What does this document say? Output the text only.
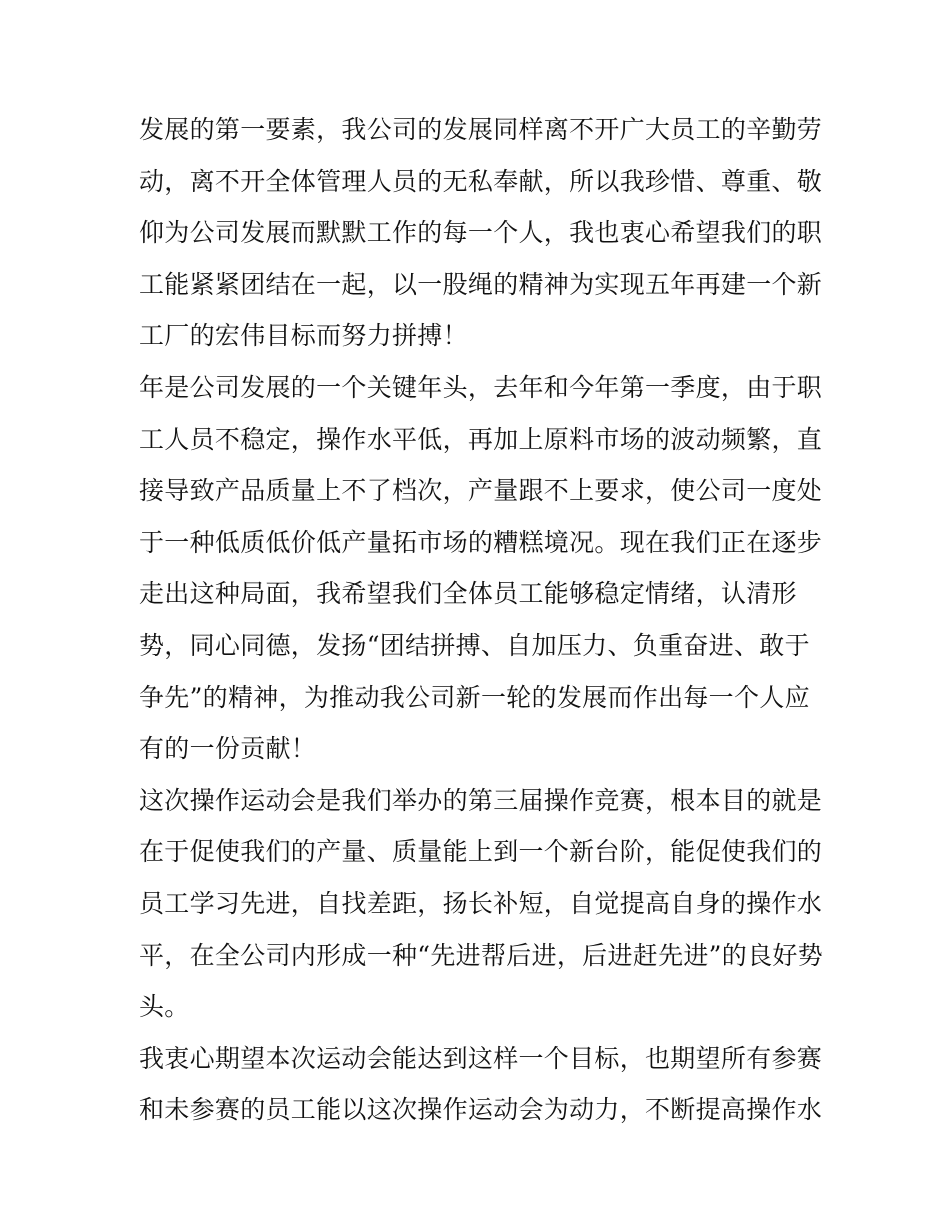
发展的第一要素，我公司的发展同样离不开广大员工的辛勤劳
动，离不开全体管理人员的无私奉献，所以我珍惜、尊重、敬
仰为公司发展而默默工作的每一个人，我也衷心希望我们的职
工能紧紧团结在一起，以一股绳的精神为实现五年再建一个新
工厂的宏伟目标而努力拼搏！
年是公司发展的一个关键年头，去年和今年第一季度，由于职
工人员不稳定，操作水平低，再加上原料市场的波动频繁，直
接导致产品质量上不了档次，产量跟不上要求，使公司一度处
于一种低质低价低产量拓市场的糟糕境况。现在我们正在逐步
走出这种局面，我希望我们全体员工能够稳定情绪，认清形
势，同心同德，发扬“团结拼搏、自加压力、负重奋进、敢于
争先”的精神，为推动我公司新一轮的发展而作出每一个人应
有的一份贡献！
这次操作运动会是我们举办的第三届操作竞赛，根本目的就是
在于促使我们的产量、质量能上到一个新台阶，能促使我们的
员工学习先进，自找差距，扬长补短，自觉提高自身的操作水
平，在全公司内形成一种“先进帮后进，后进赶先进”的良好势
头。
我衷心期望本次运动会能达到这样一个目标，也期望所有参赛
和未参赛的员工能以这次操作运动会为动力，不断提高操作水
